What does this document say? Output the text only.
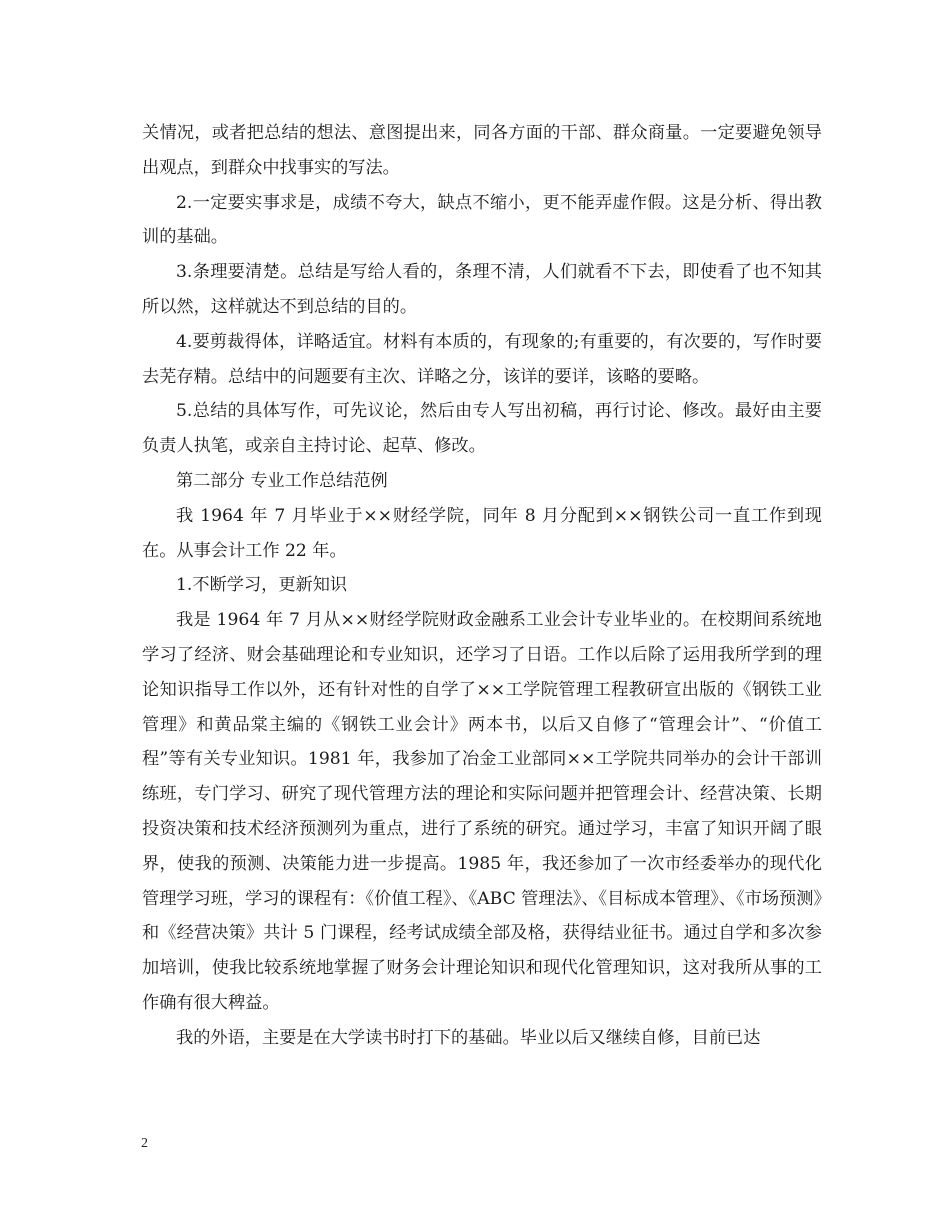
关情况，或者把总结的想法、意图提出来，同各方面的干部、群众商量。一定要避免领导出观点，到群众中找事实的写法。

2.一定要实事求是，成绩不夸大，缺点不缩小，更不能弄虚作假。这是分析、得出教训的基础。

3.条理要清楚。总结是写给人看的，条理不清，人们就看不下去，即使看了也不知其所以然，这样就达不到总结的目的。

4.要剪裁得体，详略适宜。材料有本质的，有现象的;有重要的，有次要的，写作时要去芜存精。总结中的问题要有主次、详略之分，该详的要详，该略的要略。

5.总结的具体写作，可先议论，然后由专人写出初稿，再行讨论、修改。最好由主要负责人执笔，或亲自主持讨论、起草、修改。

第二部分 专业工作总结范例

我 1964 年 7 月毕业于××财经学院，同年 8 月分配到××钢铁公司一直工作到现在。从事会计工作 22 年。

1.不断学习，更新知识

我是 1964 年 7 月从××财经学院财政金融系工业会计专业毕业的。在校期间系统地学习了经济、财会基础理论和专业知识，还学习了日语。工作以后除了运用我所学到的理论知识指导工作以外，还有针对性的自学了××工学院管理工程教研宣出版的《钢铁工业管理》和黄品棠主编的《钢铁工业会计》两本书，以后又自修了“管理会计”、“价值工程”等有关专业知识。1981 年，我参加了冶金工业部同××工学院共同举办的会计干部训练班，专门学习、研究了现代管理方法的理论和实际问题并把管理会计、经营决策、长期投资决策和技术经济预测列为重点，进行了系统的研究。通过学习，丰富了知识开阔了眼界，使我的预测、决策能力进一步提高。1985 年，我还参加了一次市经委举办的现代化管理学习班，学习的课程有：《价值工程》、《ABC 管理法》、《目标成本管理》、《市场预测》和《经营决策》共计 5 门课程，经考试成绩全部及格，获得结业征书。通过自学和多次参加培训，使我比较系统地掌握了财务会计理论知识和现代化管理知识，这对我所从事的工作确有很大稗益。

我的外语，主要是在大学读书时打下的基础。毕业以后又继续自修，目前已达

2
